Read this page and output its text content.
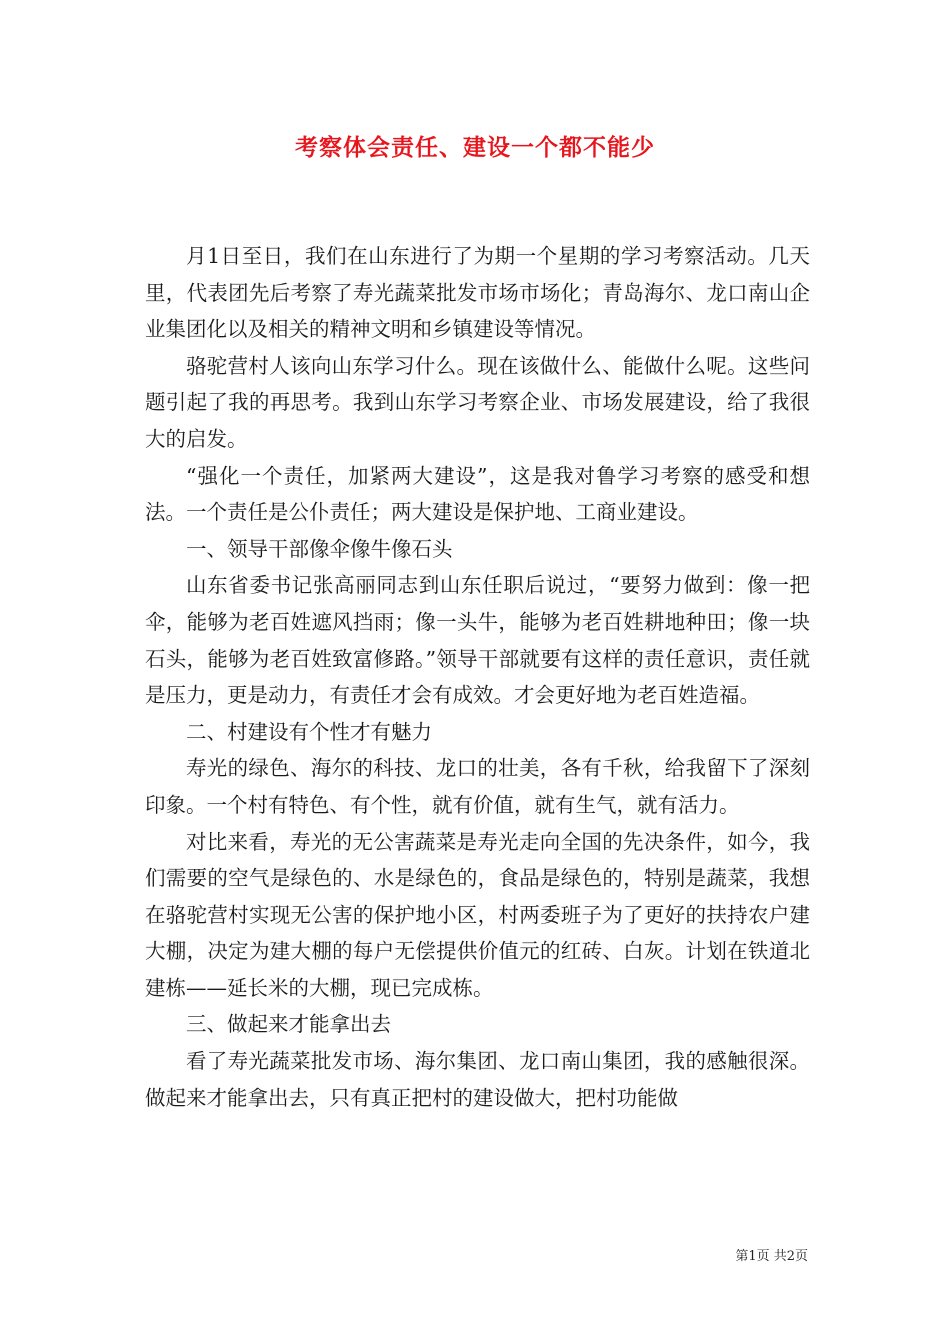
考察体会责任、建设一个都不能少

月1日至日，我们在山东进行了为期一个星期的学习考察活动。几天里，代表团先后考察了寿光蔬菜批发市场市场化；青岛海尔、龙口南山企业集团化以及相关的精神文明和乡镇建设等情况。

骆驼营村人该向山东学习什么。现在该做什么、能做什么呢。这些问题引起了我的再思考。我到山东学习考察企业、市场发展建设，给了我很大的启发。

“强化一个责任，加紧两大建设”，这是我对鲁学习考察的感受和想法。一个责任是公仆责任；两大建设是保护地、工商业建设。

一、领导干部像伞像牛像石头

山东省委书记张高丽同志到山东任职后说过，“要努力做到：像一把伞，能够为老百姓遮风挡雨；像一头牛，能够为老百姓耕地种田；像一块石头，能够为老百姓致富修路。”领导干部就要有这样的责任意识，责任就是压力，更是动力，有责任才会有成效。才会更好地为老百姓造福。

二、村建设有个性才有魅力

寿光的绿色、海尔的科技、龙口的壮美，各有千秋，给我留下了深刻印象。一个村有特色、有个性，就有价值，就有生气，就有活力。

对比来看，寿光的无公害蔬菜是寿光走向全国的先决条件，如今，我们需要的空气是绿色的、水是绿色的，食品是绿色的，特别是蔬菜，我想在骆驼营村实现无公害的保护地小区，村两委班子为了更好的扶持农户建大棚，决定为建大棚的每户无偿提供价值元的红砖、白灰。计划在铁道北建栋——延长米的大棚，现已完成栋。

三、做起来才能拿出去

看了寿光蔬菜批发市场、海尔集团、龙口南山集团，我的感触很深。做起来才能拿出去，只有真正把村的建设做大，把村功能做

第1页 共2页
